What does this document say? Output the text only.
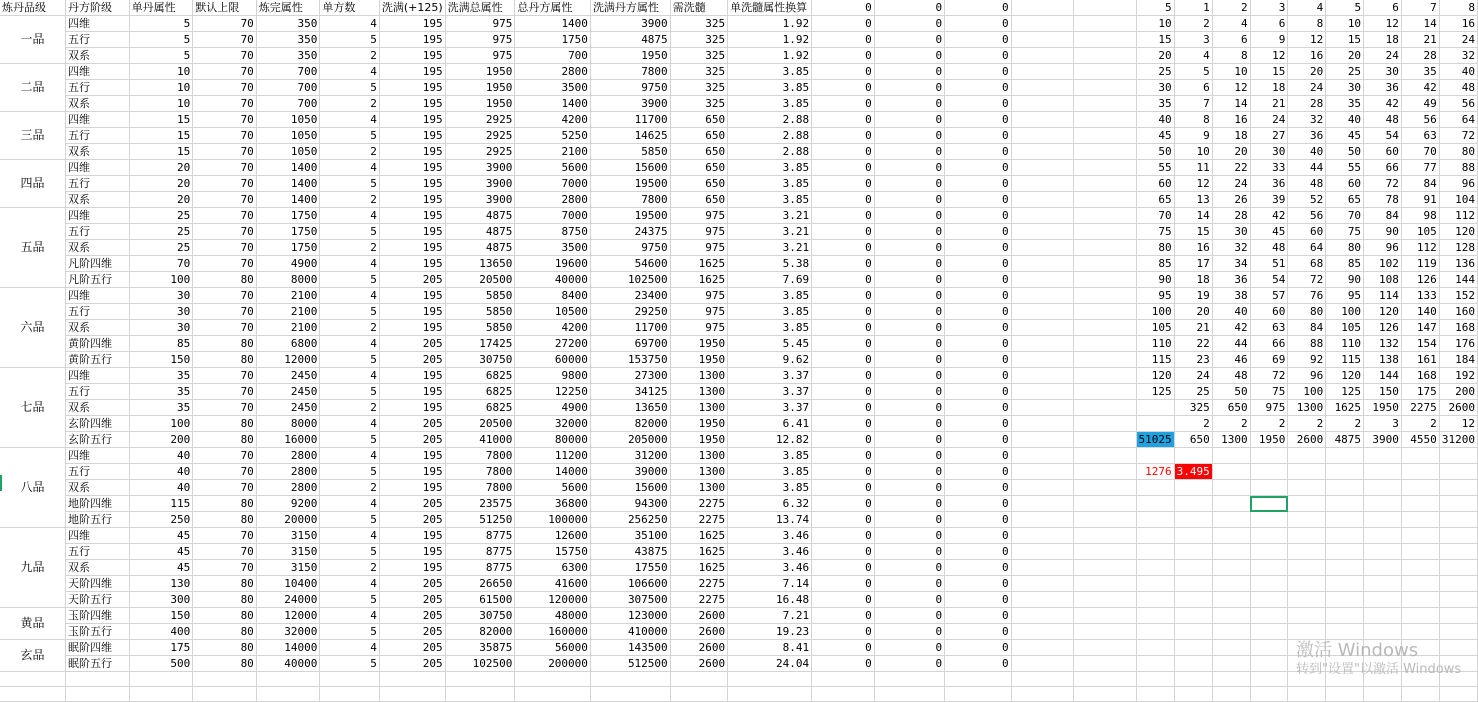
炼丹品级	丹方阶级	单丹属性	默认上限	炼完属性	单方数	洗满(+125)	洗满总属性	总丹方属性	洗满丹方属性	需洗髓	单洗髓属性换算	0	0	0			5	1	2	3	4	5	6	7	8
一品	四维	5	70	350	4	195	975	1400	3900	325	1.92	0	0	0			10	2	4	6	8	10	12	14	16
	五行	5	70	350	5	195	975	1750	4875	325	1.92	0	0	0			15	3	6	9	12	15	18	21	24
	双系	5	70	350	2	195	975	700	1950	325	1.92	0	0	0			20	4	8	12	16	20	24	28	32
二品	四维	10	70	700	4	195	1950	2800	7800	325	3.85	0	0	0			25	5	10	15	20	25	30	35	40
	五行	10	70	700	5	195	1950	3500	9750	325	3.85	0	0	0			30	6	12	18	24	30	36	42	48
	双系	10	70	700	2	195	1950	1400	3900	325	3.85	0	0	0			35	7	14	21	28	35	42	49	56
三品	四维	15	70	1050	4	195	2925	4200	11700	650	2.88	0	0	0			40	8	16	24	32	40	48	56	64
	五行	15	70	1050	5	195	2925	5250	14625	650	2.88	0	0	0			45	9	18	27	36	45	54	63	72
	双系	15	70	1050	2	195	2925	2100	5850	650	2.88	0	0	0			50	10	20	30	40	50	60	70	80
四品	四维	20	70	1400	4	195	3900	5600	15600	650	3.85	0	0	0			55	11	22	33	44	55	66	77	88
	五行	20	70	1400	5	195	3900	7000	19500	650	3.85	0	0	0			60	12	24	36	48	60	72	84	96
	双系	20	70	1400	2	195	3900	2800	7800	650	3.85	0	0	0			65	13	26	39	52	65	78	91	104
五品	四维	25	70	1750	4	195	4875	7000	19500	975	3.21	0	0	0			70	14	28	42	56	70	84	98	112
	五行	25	70	1750	5	195	4875	8750	24375	975	3.21	0	0	0			75	15	30	45	60	75	90	105	120
	双系	25	70	1750	2	195	4875	3500	9750	975	3.21	0	0	0			80	16	32	48	64	80	96	112	128
	凡阶四维	70	70	4900	4	195	13650	19600	54600	1625	5.38	0	0	0			85	17	34	51	68	85	102	119	136
	凡阶五行	100	80	8000	5	205	20500	40000	102500	1625	7.69	0	0	0			90	18	36	54	72	90	108	126	144
六品	四维	30	70	2100	4	195	5850	8400	23400	975	3.85	0	0	0			95	19	38	57	76	95	114	133	152
	五行	30	70	2100	5	195	5850	10500	29250	975	3.85	0	0	0			100	20	40	60	80	100	120	140	160
	双系	30	70	2100	2	195	5850	4200	11700	975	3.85	0	0	0			105	21	42	63	84	105	126	147	168
	黄阶四维	85	80	6800	4	205	17425	27200	69700	1950	5.45	0	0	0			110	22	44	66	88	110	132	154	176
	黄阶五行	150	80	12000	5	205	30750	60000	153750	1950	9.62	0	0	0			115	23	46	69	92	115	138	161	184
七品	四维	35	70	2450	4	195	6825	9800	27300	1300	3.37	0	0	0			120	24	48	72	96	120	144	168	192
	五行	35	70	2450	5	195	6825	12250	34125	1300	3.37	0	0	0			125	25	50	75	100	125	150	175	200
	双系	35	70	2450	2	195	6825	4900	13650	1300	3.37	0	0	0				325	650	975	1300	1625	1950	2275	2600
	玄阶四维	100	80	8000	4	205	20500	32000	82000	1950	6.41	0	0	0				2	2	2	2	2	3	2	12
	玄阶五行	200	80	16000	5	205	41000	80000	205000	1950	12.82	0	0	0			51025	650	1300	1950	2600	4875	3900	4550	31200
八品	四维	40	70	2800	4	195	7800	11200	31200	1300	3.85	0	0	0											
	五行	40	70	2800	5	195	7800	14000	39000	1300	3.85	0	0	0			1276	3.495							
	双系	40	70	2800	2	195	7800	5600	15600	1300	3.85	0	0	0											
	地阶四维	115	80	9200	4	205	23575	36800	94300	2275	6.32	0	0	0											
	地阶五行	250	80	20000	5	205	51250	100000	256250	2275	13.74	0	0	0											
九品	四维	45	70	3150	4	195	8775	12600	35100	1625	3.46	0	0	0											
	五行	45	70	3150	5	195	8775	15750	43875	1625	3.46	0	0	0											
	双系	45	70	3150	2	195	8775	6300	17550	1625	3.46	0	0	0											
	天阶四维	130	80	10400	4	205	26650	41600	106600	2275	7.14	0	0	0											
	天阶五行	300	80	24000	5	205	61500	120000	307500	2275	16.48	0	0	0											
黄品	玉阶四维	150	80	12000	4	205	30750	48000	123000	2600	7.21	0	0	0											
	玉阶五行	400	80	32000	5	205	82000	160000	410000	2600	19.23	0	0	0											
玄品	眠阶四维	175	80	14000	4	205	35875	56000	143500	2600	8.41	0	0	0											
	眠阶五行	500	80	40000	5	205	102500	200000	512500	2600	24.04	0	0	0											

激活 Windows
转到"设置"以激活 Windows
